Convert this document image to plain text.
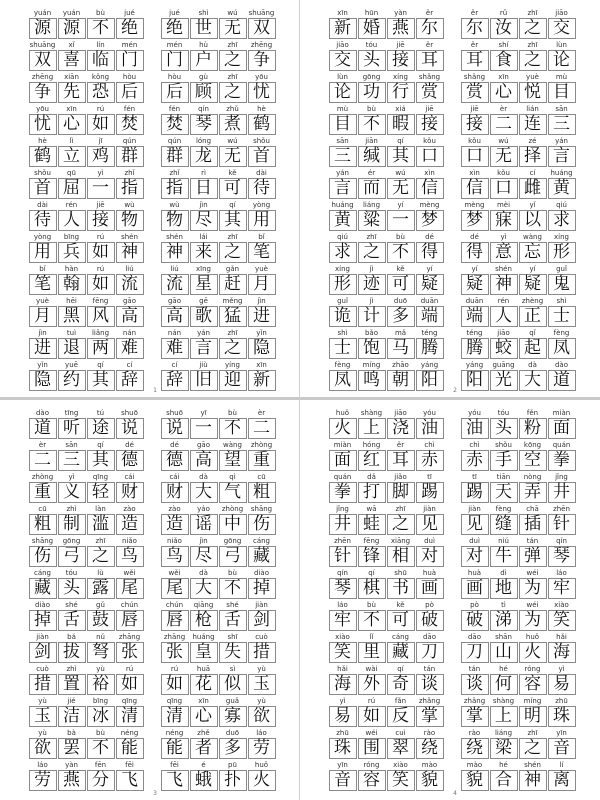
yuán
源
yuán
源
bù
不
jué
绝
jué
绝
shì
世
wú
无
shuāng
双
shuāng
双
xǐ
喜
lín
临
mén
门
mén
门
hù
户
zhī
之
zhēng
争
zhēng
争
xiān
先
kǒng
恐
hòu
后
hòu
后
gù
顾
zhī
之
yōu
忧
yōu
忧
xīn
心
rú
如
fén
焚
fén
焚
qín
琴
zhǔ
煮
hè
鹤
hè
鹤
lì
立
jī
鸡
qún
群
qún
群
lóng
龙
wú
无
shǒu
首
shǒu
首
qū
屈
yì
一
zhǐ
指
zhǐ
指
rì
日
kě
可
dài
待
dài
待
rén
人
jiē
接
wù
物
wù
物
jìn
尽
qí
其
yòng
用
yòng
用
bīng
兵
rú
如
shén
神
shén
神
lái
来
zhī
之
bǐ
笔
bǐ
笔
hàn
翰
rú
如
liú
流
liú
流
xīng
星
gǎn
赶
yuè
月
yuè
月
hēi
黑
fēng
风
gāo
高
gāo
高
gē
歌
měng
猛
jìn
进
jìn
进
tuì
退
liǎng
两
nán
难
nán
难
yán
言
zhī
之
yǐn
隐
yǐn
隐
yuē
约
qí
其
cí
辞
cí
辞
jiù
旧
yíng
迎
xīn
新
1
xīn
新
hūn
婚
yàn
燕
ěr
尔
ěr
尔
rǔ
汝
zhī
之
jiāo
交
jiāo
交
tóu
头
jiē
接
ěr
耳
ěr
耳
shí
食
zhī
之
lùn
论
lùn
论
gōng
功
xíng
行
shǎng
赏
shǎng
赏
xīn
心
yuè
悦
mù
目
mù
目
bù
不
xiá
暇
jiē
接
jiē
接
èr
二
lián
连
sān
三
sān
三
jiān
缄
qí
其
kǒu
口
kǒu
口
wú
无
zé
择
yán
言
yán
言
ér
而
wú
无
xìn
信
xìn
信
kǒu
口
cí
雌
huáng
黄
huáng
黄
liáng
粱
yí
一
mèng
梦
mèng
梦
mèi
寐
yǐ
以
qiú
求
qiú
求
zhī
之
bù
不
dé
得
dé
得
yì
意
wàng
忘
xíng
形
xíng
形
jì
迹
kě
可
yí
疑
yí
疑
shén
神
yí
疑
guǐ
鬼
guǐ
诡
jì
计
duō
多
duān
端
duān
端
rén
人
zhèng
正
shì
士
shì
士
bǎo
饱
mǎ
马
téng
腾
téng
腾
jiāo
蛟
qǐ
起
fèng
凤
fèng
凤
míng
鸣
zhāo
朝
yáng
阳
yáng
阳
guāng
光
dà
大
dào
道
2
dào
道
tīng
听
tú
途
shuō
说
shuō
说
yī
一
bù
不
èr
二
èr
二
sān
三
qí
其
dé
德
dé
德
gāo
高
wàng
望
zhòng
重
zhòng
重
yì
义
qīng
轻
cái
财
cái
财
dà
大
qì
气
cū
粗
cū
粗
zhì
制
làn
滥
zào
造
zào
造
yáo
谣
zhòng
中
shāng
伤
shāng
伤
gōng
弓
zhī
之
niǎo
鸟
niǎo
鸟
jìn
尽
gōng
弓
cáng
藏
cáng
藏
tóu
头
lù
露
wěi
尾
wěi
尾
dà
大
bù
不
diào
掉
diào
掉
shé
舌
gǔ
鼓
chún
唇
chún
唇
qiāng
枪
shé
舌
jiàn
剑
jiàn
剑
bá
拔
nǔ
弩
zhāng
张
zhāng
张
huáng
皇
shī
失
cuò
措
cuò
措
zhì
置
yù
裕
rú
如
rú
如
huā
花
sì
似
yù
玉
yù
玉
jié
洁
bīng
冰
qīng
清
qīng
清
xīn
心
guǎ
寡
yù
欲
yù
欲
bà
罢
bù
不
néng
能
néng
能
zhě
者
duō
多
láo
劳
láo
劳
yàn
燕
fēn
分
fēi
飞
fēi
飞
é
蛾
pū
扑
huǒ
火
3
huǒ
火
shàng
上
jiāo
浇
yóu
油
yóu
油
tóu
头
fěn
粉
miàn
面
miàn
面
hóng
红
ěr
耳
chì
赤
chì
赤
shǒu
手
kōng
空
quán
拳
quán
拳
dǎ
打
jiǎo
脚
tī
踢
tī
踢
tiān
天
nòng
弄
jǐng
井
jǐng
井
wā
蛙
zhī
之
jiàn
见
jiàn
见
fèng
缝
chā
插
zhēn
针
zhēn
针
fēng
锋
xiāng
相
duì
对
duì
对
niú
牛
tán
弹
qín
琴
qín
琴
qí
棋
shū
书
huà
画
huà
画
dì
地
wéi
为
láo
牢
láo
牢
bù
不
kě
可
pò
破
pò
破
tì
涕
wéi
为
xiào
笑
xiào
笑
lǐ
里
cáng
藏
dāo
刀
dāo
刀
shān
山
huǒ
火
hǎi
海
hǎi
海
wài
外
qí
奇
tán
谈
tán
谈
hé
何
róng
容
yì
易
yì
易
rú
如
fǎn
反
zhǎng
掌
zhǎng
掌
shàng
上
míng
明
zhū
珠
zhū
珠
wéi
围
cuì
翠
rào
绕
rào
绕
liáng
梁
zhī
之
yīn
音
yīn
音
róng
容
xiào
笑
mào
貌
mào
貌
hé
合
shén
神
lí
离
4
